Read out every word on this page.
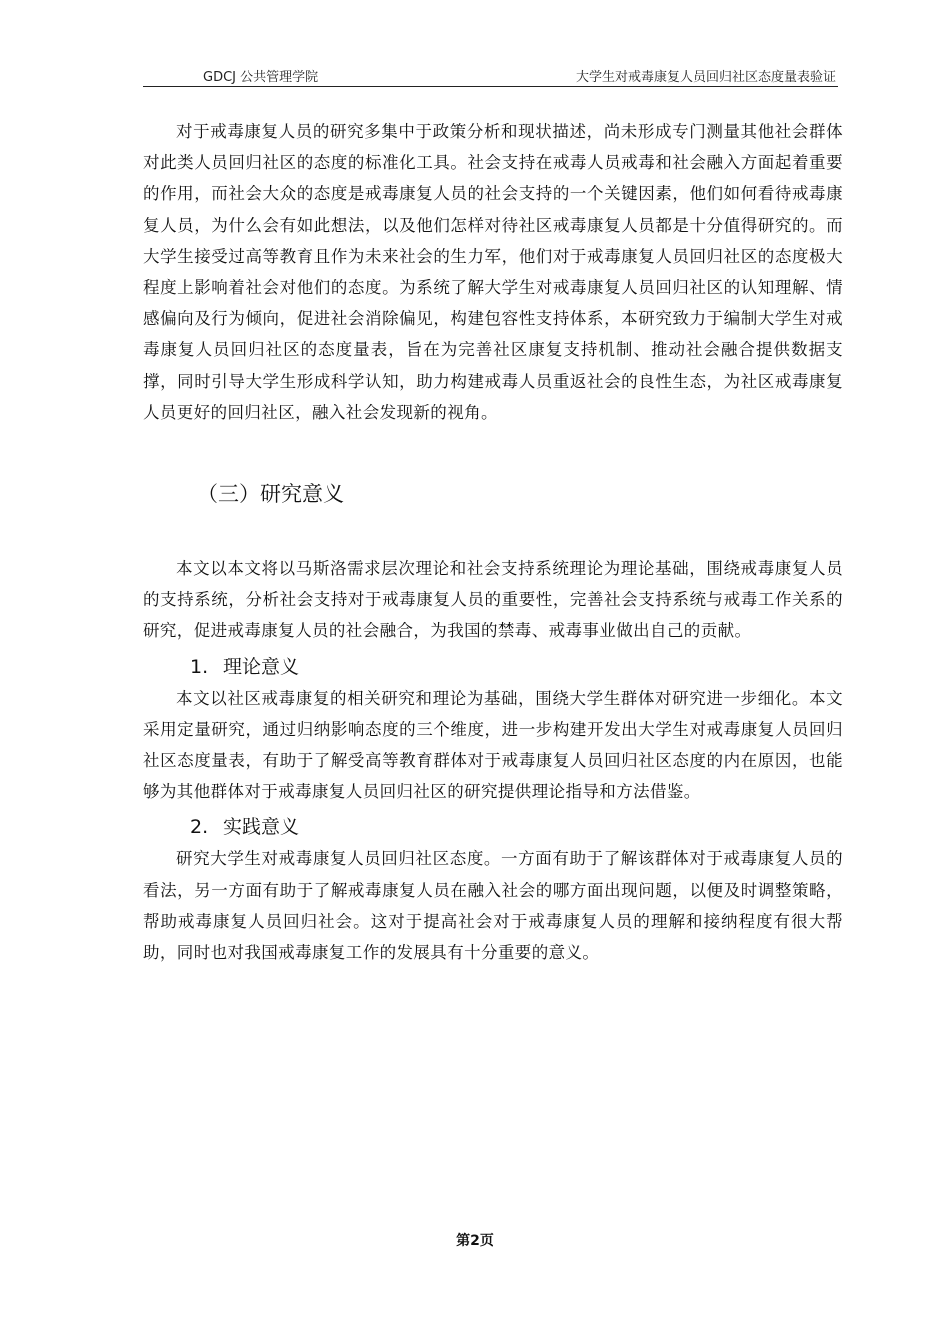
GDCJ 公共管理学院	大学生对戒毒康复人员回归社区态度量表验证

对于戒毒康复人员的研究多集中于政策分析和现状描述，尚未形成专门测量其他社会群体对此类人员回归社区的态度的标准化工具。社会支持在戒毒人员戒毒和社会融入方面起着重要的作用，而社会大众的态度是戒毒康复人员的社会支持的一个关键因素，他们如何看待戒毒康复人员，为什么会有如此想法，以及他们怎样对待社区戒毒康复人员都是十分值得研究的。而大学生接受过高等教育且作为未来社会的生力军，他们对于戒毒康复人员回归社区的态度极大程度上影响着社会对他们的态度。为系统了解大学生对戒毒康复人员回归社区的认知理解、情感偏向及行为倾向，促进社会消除偏见，构建包容性支持体系，本研究致力于编制大学生对戒毒康复人员回归社区的态度量表，旨在为完善社区康复支持机制、推动社会融合提供数据支撑，同时引导大学生形成科学认知，助力构建戒毒人员重返社会的良性生态，为社区戒毒康复人员更好的回归社区，融入社会发现新的视角。

（三）研究意义

本文以本文将以马斯洛需求层次理论和社会支持系统理论为理论基础，围绕戒毒康复人员的支持系统，分析社会支持对于戒毒康复人员的重要性，完善社会支持系统与戒毒工作关系的研究，促进戒毒康复人员的社会融合，为我国的禁毒、戒毒事业做出自己的贡献。

1. 理论意义

本文以社区戒毒康复的相关研究和理论为基础，围绕大学生群体对研究进一步细化。本文采用定量研究，通过归纳影响态度的三个维度，进一步构建开发出大学生对戒毒康复人员回归社区态度量表，有助于了解受高等教育群体对于戒毒康复人员回归社区态度的内在原因，也能够为其他群体对于戒毒康复人员回归社区的研究提供理论指导和方法借鉴。

2. 实践意义

研究大学生对戒毒康复人员回归社区态度。一方面有助于了解该群体对于戒毒康复人员的看法，另一方面有助于了解戒毒康复人员在融入社会的哪方面出现问题，以便及时调整策略，帮助戒毒康复人员回归社会。这对于提高社会对于戒毒康复人员的理解和接纳程度有很大帮助，同时也对我国戒毒康复工作的发展具有十分重要的意义。

第2页
